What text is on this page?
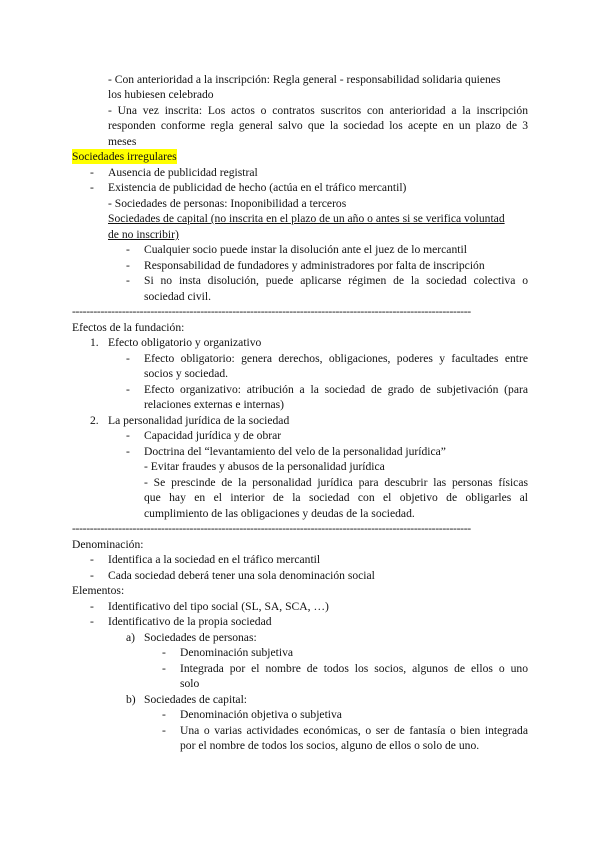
- Con anterioridad a la inscripción: Regla general - responsabilidad solidaria quienes
los hubiesen celebrado
- Una vez inscrita: Los actos o contratos suscritos con anterioridad a la inscripción
responden conforme regla general salvo que la sociedad los acepte en un plazo de 3
meses
Sociedades irregulares
- Ausencia de publicidad registral
- Existencia de publicidad de hecho (actúa en el tráfico mercantil)
- Sociedades de personas: Inoponibilidad a terceros
Sociedades de capital (no inscrita en el plazo de un año o antes si se verifica voluntad
de no inscribir)
- Cualquier socio puede instar la disolución ante el juez de lo mercantil
- Responsabilidad de fundadores y administradores por falta de inscripción
- Si no insta disolución, puede aplicarse régimen de la sociedad colectiva o
sociedad civil.
----------------------------------------------------------------------------------------------------------------
Efectos de la fundación:
1. Efecto obligatorio y organizativo
- Efecto obligatorio: genera derechos, obligaciones, poderes y facultades entre
socios y sociedad.
- Efecto organizativo: atribución a la sociedad de grado de subjetivación (para
relaciones externas e internas)
2. La personalidad jurídica de la sociedad
- Capacidad jurídica y de obrar
- Doctrina del “levantamiento del velo de la personalidad jurídica”
- Evitar fraudes y abusos de la personalidad jurídica
- Se prescinde de la personalidad jurídica para descubrir las personas físicas
que hay en el interior de la sociedad con el objetivo de obligarles al
cumplimiento de las obligaciones y deudas de la sociedad.
----------------------------------------------------------------------------------------------------------------
Denominación:
- Identifica a la sociedad en el tráfico mercantil
- Cada sociedad deberá tener una sola denominación social
Elementos:
- Identificativo del tipo social (SL, SA, SCA, …)
- Identificativo de la propia sociedad
a) Sociedades de personas:
- Denominación subjetiva
- Integrada por el nombre de todos los socios, algunos de ellos o uno
solo
b) Sociedades de capital:
- Denominación objetiva o subjetiva
- Una o varias actividades económicas, o ser de fantasía o bien integrada
por el nombre de todos los socios, alguno de ellos o solo de uno.
